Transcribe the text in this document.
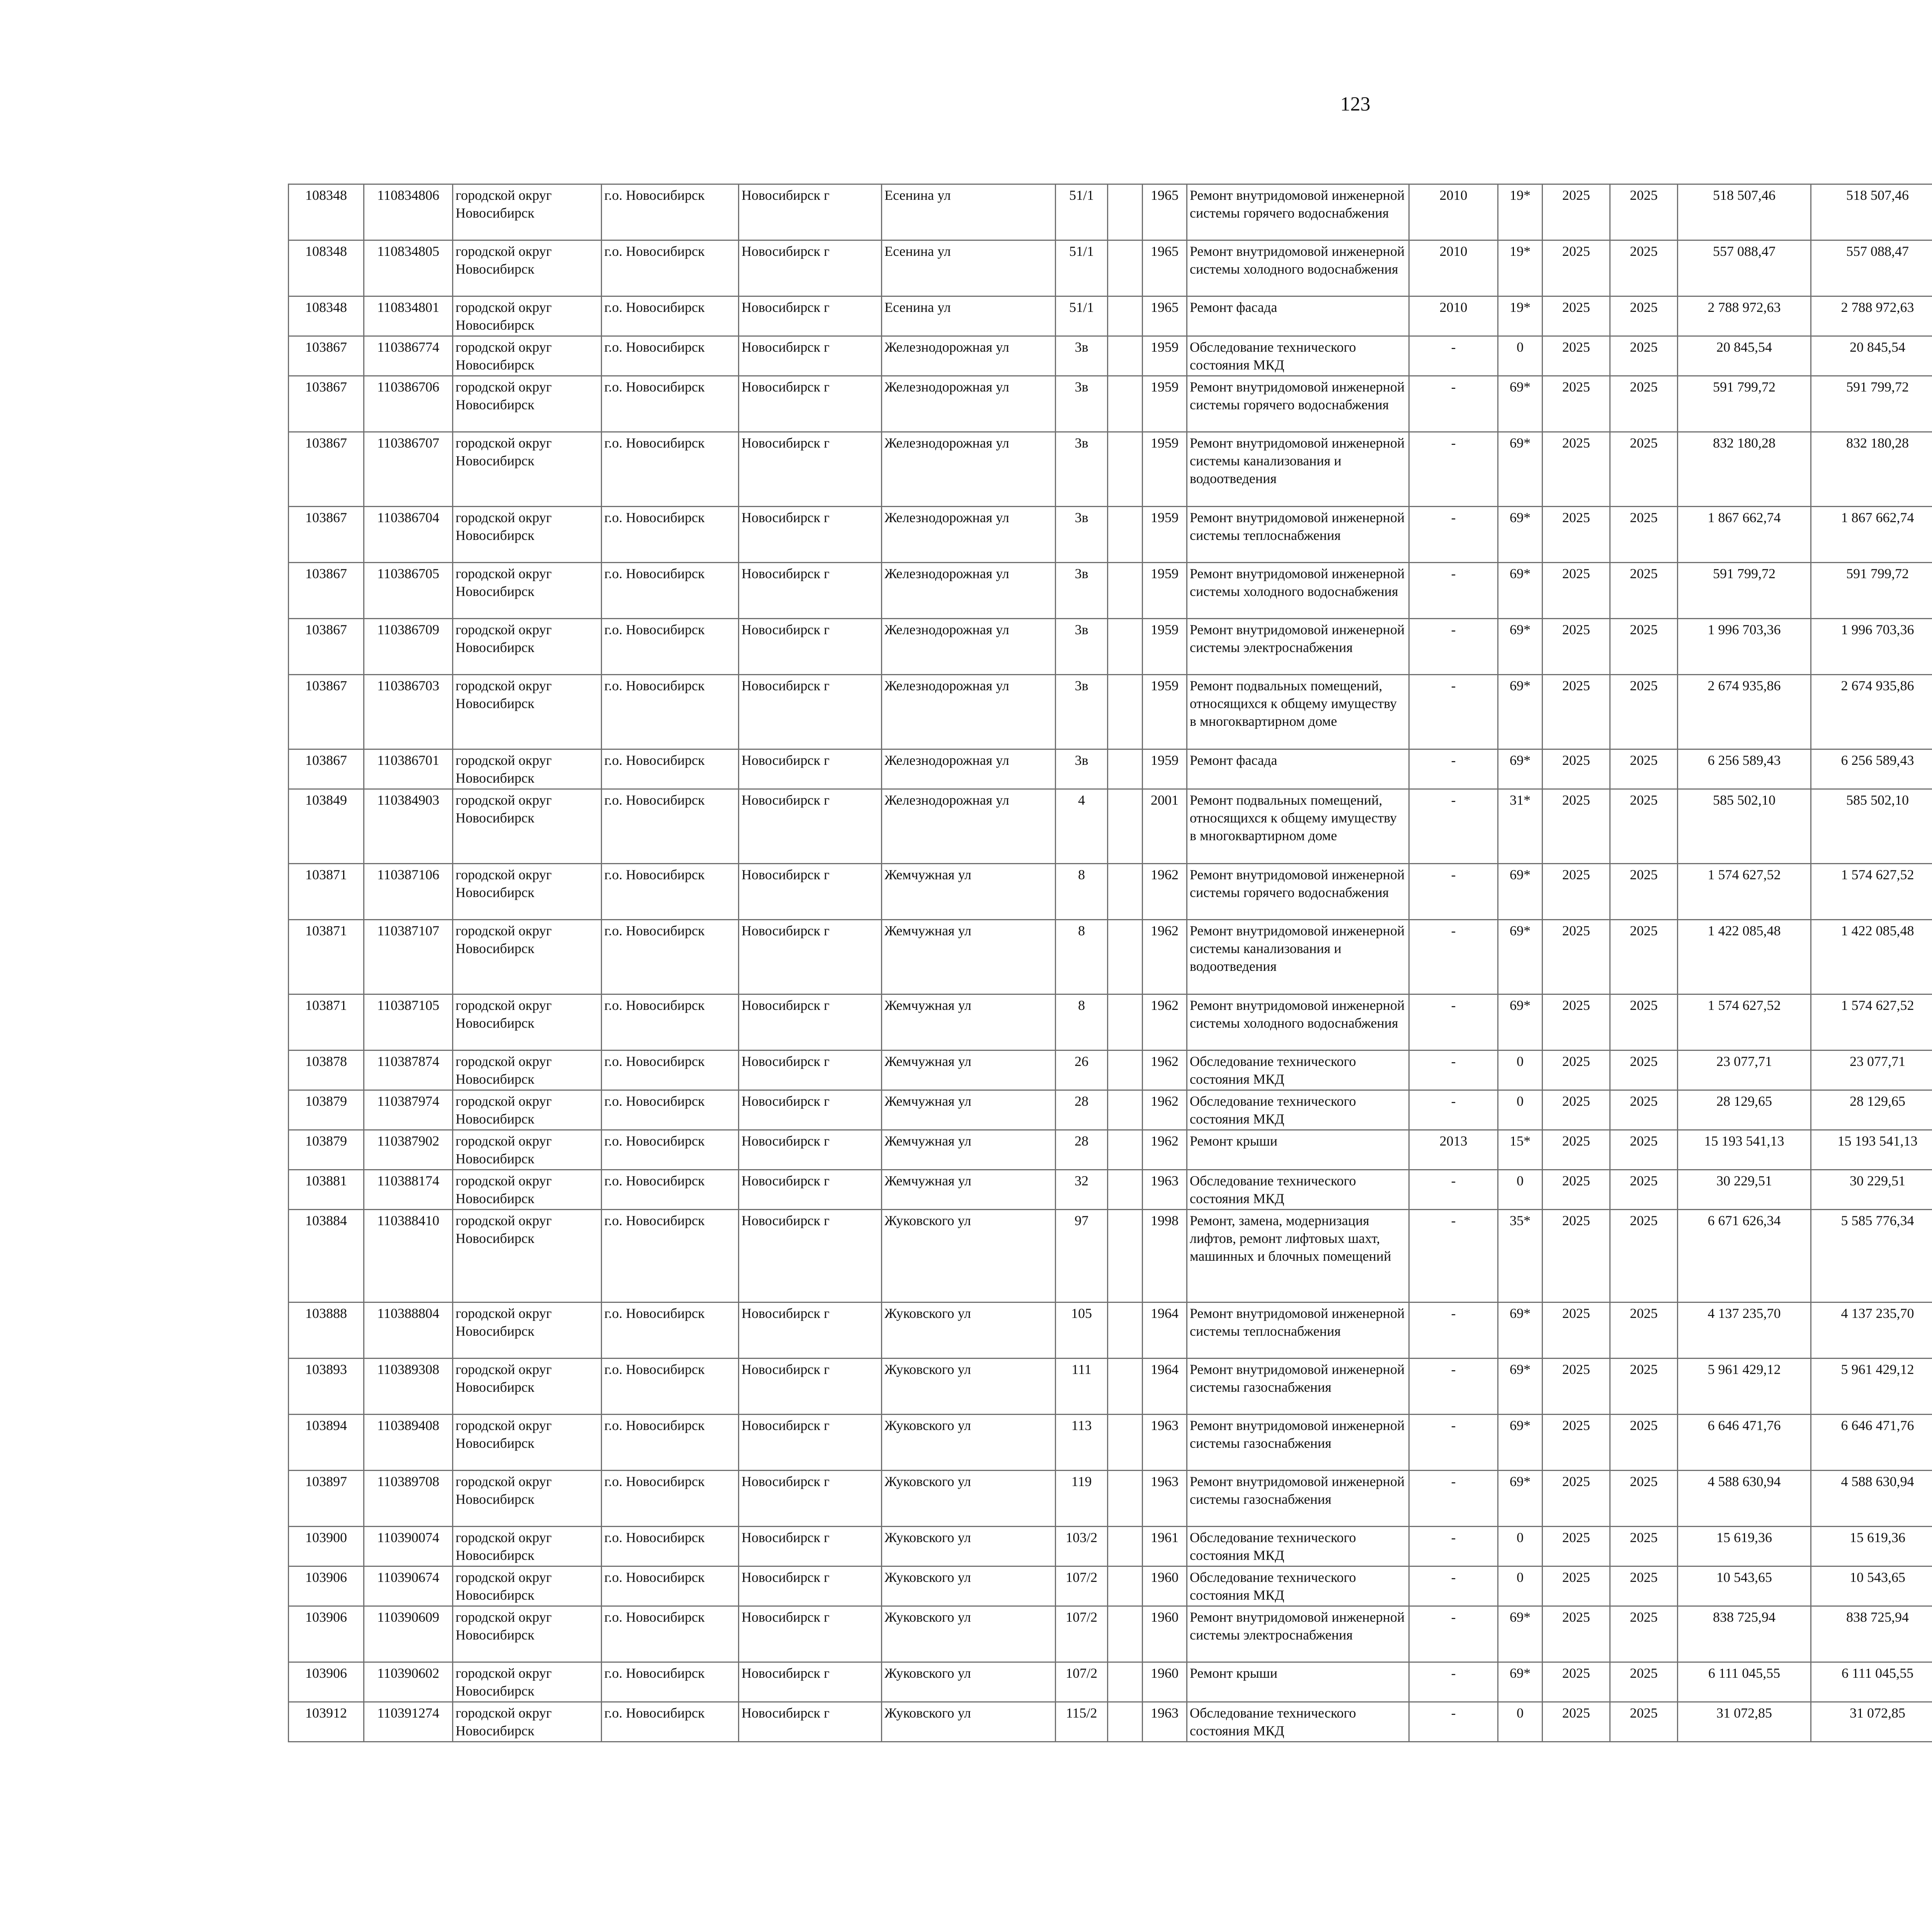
123
108348	110834806	городской округ Новосибирск	г.о. Новосибирск	Новосибирск г	Есенина ул	51/1		1965	Ремонт внутридомовой инженерной системы горячего водоснабжения	2010	19*	2025	2025	518 507,46	518 507,46						
108348	110834805	городской округ Новосибирск	г.о. Новосибирск	Новосибирск г	Есенина ул	51/1		1965	Ремонт внутридомовой инженерной системы холодного водоснабжения	2010	19*	2025	2025	557 088,47	557 088,47						
108348	110834801	городской округ Новосибирск	г.о. Новосибирск	Новосибирск г	Есенина ул	51/1		1965	Ремонт фасада	2010	19*	2025	2025	2 788 972,63	2 788 972,63						
103867	110386774	городской округ Новосибирск	г.о. Новосибирск	Новосибирск г	Железнодорожная ул	3в		1959	Обследование технического состояния МКД	-	0	2025	2025	20 845,54	20 845,54						
103867	110386706	городской округ Новосибирск	г.о. Новосибирск	Новосибирск г	Железнодорожная ул	3в		1959	Ремонт внутридомовой инженерной системы горячего водоснабжения	-	69*	2025	2025	591 799,72	591 799,72						
103867	110386707	городской округ Новосибирск	г.о. Новосибирск	Новосибирск г	Железнодорожная ул	3в		1959	Ремонт внутридомовой инженерной системы канализования и водоотведения	-	69*	2025	2025	832 180,28	832 180,28						
103867	110386704	городской округ Новосибирск	г.о. Новосибирск	Новосибирск г	Железнодорожная ул	3в		1959	Ремонт внутридомовой инженерной системы теплоснабжения	-	69*	2025	2025	1 867 662,74	1 867 662,74						
103867	110386705	городской округ Новосибирск	г.о. Новосибирск	Новосибирск г	Железнодорожная ул	3в		1959	Ремонт внутридомовой инженерной системы холодного водоснабжения	-	69*	2025	2025	591 799,72	591 799,72						
103867	110386709	городской округ Новосибирск	г.о. Новосибирск	Новосибирск г	Железнодорожная ул	3в		1959	Ремонт внутридомовой инженерной системы электроснабжения	-	69*	2025	2025	1 996 703,36	1 996 703,36						
103867	110386703	городской округ Новосибирск	г.о. Новосибирск	Новосибирск г	Железнодорожная ул	3в		1959	Ремонт подвальных помещений, относящихся к общему имуществу в многоквартирном доме	-	69*	2025	2025	2 674 935,86	2 674 935,86						
103867	110386701	городской округ Новосибирск	г.о. Новосибирск	Новосибирск г	Железнодорожная ул	3в		1959	Ремонт фасада	-	69*	2025	2025	6 256 589,43	6 256 589,43						
103849	110384903	городской округ Новосибирск	г.о. Новосибирск	Новосибирск г	Железнодорожная ул	4		2001	Ремонт подвальных помещений, относящихся к общему имуществу в многоквартирном доме	-	31*	2025	2025	585 502,10	585 502,10						
103871	110387106	городской округ Новосибирск	г.о. Новосибирск	Новосибирск г	Жемчужная ул	8		1962	Ремонт внутридомовой инженерной системы горячего водоснабжения	-	69*	2025	2025	1 574 627,52	1 574 627,52						
103871	110387107	городской округ Новосибирск	г.о. Новосибирск	Новосибирск г	Жемчужная ул	8		1962	Ремонт внутридомовой инженерной системы канализования и водоотведения	-	69*	2025	2025	1 422 085,48	1 422 085,48						
103871	110387105	городской округ Новосибирск	г.о. Новосибирск	Новосибирск г	Жемчужная ул	8		1962	Ремонт внутридомовой инженерной системы холодного водоснабжения	-	69*	2025	2025	1 574 627,52	1 574 627,52						
103878	110387874	городской округ Новосибирск	г.о. Новосибирск	Новосибирск г	Жемчужная ул	26		1962	Обследование технического состояния МКД	-	0	2025	2025	23 077,71	23 077,71						
103879	110387974	городской округ Новосибирск	г.о. Новосибирск	Новосибирск г	Жемчужная ул	28		1962	Обследование технического состояния МКД	-	0	2025	2025	28 129,65	28 129,65						
103879	110387902	городской округ Новосибирск	г.о. Новосибирск	Новосибирск г	Жемчужная ул	28		1962	Ремонт крыши	2013	15*	2025	2025	15 193 541,13	15 193 541,13						
103881	110388174	городской округ Новосибирск	г.о. Новосибирск	Новосибирск г	Жемчужная ул	32		1963	Обследование технического состояния МКД	-	0	2025	2025	30 229,51	30 229,51						
103884	110388410	городской округ Новосибирск	г.о. Новосибирск	Новосибирск г	Жуковского ул	97		1998	Ремонт, замена, модернизация лифтов, ремонт лифтовых шахт, машинных и блочных помещений	-	35*	2025	2025	6 671 626,34	5 585 776,34						
103888	110388804	городской округ Новосибирск	г.о. Новосибирск	Новосибирск г	Жуковского ул	105		1964	Ремонт внутридомовой инженерной системы теплоснабжения	-	69*	2025	2025	4 137 235,70	4 137 235,70						
103893	110389308	городской округ Новосибирск	г.о. Новосибирск	Новосибирск г	Жуковского ул	111		1964	Ремонт внутридомовой инженерной системы газоснабжения	-	69*	2025	2025	5 961 429,12	5 961 429,12						
103894	110389408	городской округ Новосибирск	г.о. Новосибирск	Новосибирск г	Жуковского ул	113		1963	Ремонт внутридомовой инженерной системы газоснабжения	-	69*	2025	2025	6 646 471,76	6 646 471,76						
103897	110389708	городской округ Новосибирск	г.о. Новосибирск	Новосибирск г	Жуковского ул	119		1963	Ремонт внутридомовой инженерной системы газоснабжения	-	69*	2025	2025	4 588 630,94	4 588 630,94						
103900	110390074	городской округ Новосибирск	г.о. Новосибирск	Новосибирск г	Жуковского ул	103/2		1961	Обследование технического состояния МКД	-	0	2025	2025	15 619,36	15 619,36						
103906	110390674	городской округ Новосибирск	г.о. Новосибирск	Новосибирск г	Жуковского ул	107/2		1960	Обследование технического состояния МКД	-	0	2025	2025	10 543,65	10 543,65						
103906	110390609	городской округ Новосибирск	г.о. Новосибирск	Новосибирск г	Жуковского ул	107/2		1960	Ремонт внутридомовой инженерной системы электроснабжения	-	69*	2025	2025	838 725,94	838 725,94						
103906	110390602	городской округ Новосибирск	г.о. Новосибирск	Новосибирск г	Жуковского ул	107/2		1960	Ремонт крыши	-	69*	2025	2025	6 111 045,55	6 111 045,55						
103912	110391274	городской округ Новосибирск	г.о. Новосибирск	Новосибирск г	Жуковского ул	115/2		1963	Обследование технического состояния МКД	-	0	2025	2025	31 072,85	31 072,85						
